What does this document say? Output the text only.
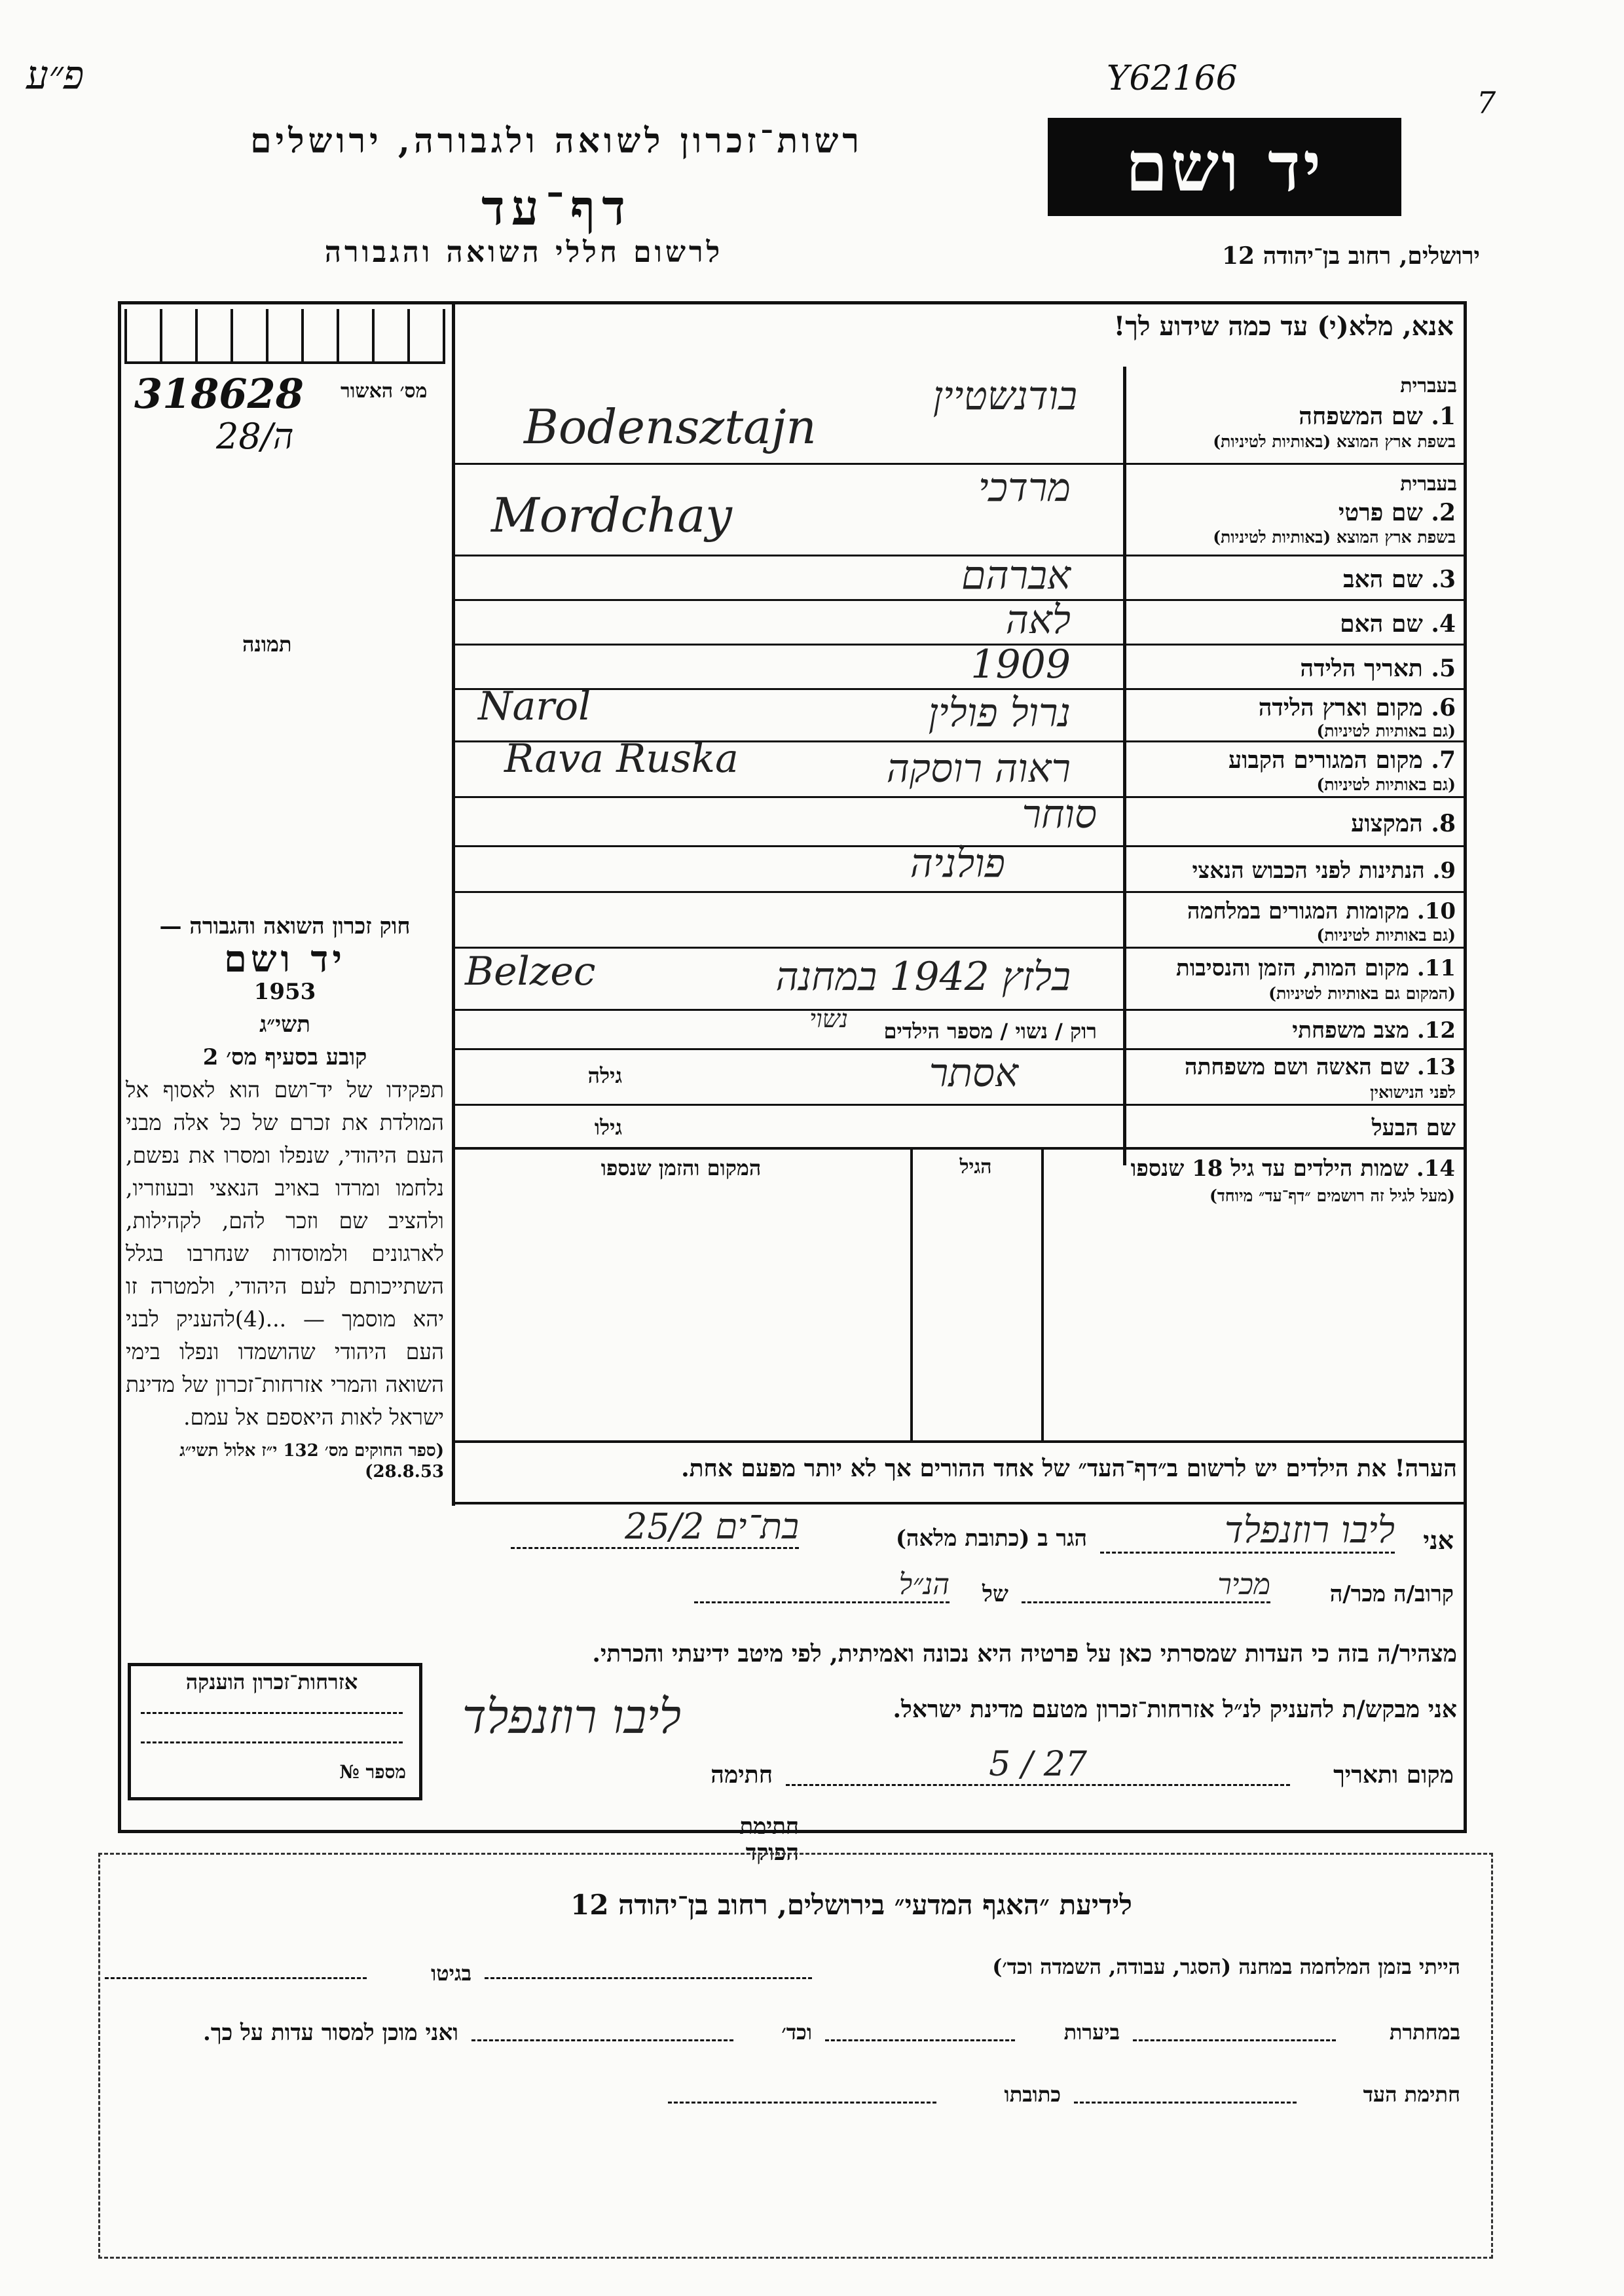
פ״ע	Y62166
7
רשות־זכרון לשואה ולגבורה, ירושלים
דף־עד
לרשום חללי השואה והגבורה
יד ושם
ירושלים, רחוב בן־יהודה 12
אנא, מלא(י) עד כמה שידוע לך!
מס׳ האשור
318628
28/ה
תמונה
חוק זכרון השואה והגבורה —
יד ושם
1953
תשי״ג
קובע בסעיף מס׳ 2
תפקידו של יד־ושם הוא לאסוף אל המולדת את זכרם של כל אלה מבני העם היהודי, שנפלו ומסרו את נפשם, נלחמו ומרדו באויב הנאצי ובעוזריו, ולהציב שם וזכר להם, לקהילות, לארגונים ולמוסדות שנחרבו בגלל השתייכותם לעם היהודי, ולמטרה זו יהא מוסמך — ...(4)להעניק לבני העם היהודי שהושמדו ונפלו בימי השואה והמרי אזרחות־זכרון של מדינת ישראל לאות היאספם אל עמם.
(ספר החוקים מס׳ 132 י״ז אלול תשי״ג 28.8.53)
בעברית
1. שם המשפחה
בשפת ארץ המוצא (באותיות לטיניות)
בודנשטיין
Bodensztajn
בעברית
2. שם פרטי
בשפת ארץ המוצא (באותיות לטיניות)
מרדכי
Mordchay
3. שם האב
אברהם
4. שם האם
לאה
5. תאריך הלידה
1909
6. מקום וארץ הלידה
(גם באותיות לטיניות)
נרול פולין
Narol
7. מקום המגורים הקבוע
(גם באותיות לטיניות)
ראוה רוסקה
Rava Ruska
8. המקצוע
סוחר
9. הנתינות לפני הכבוש הנאצי
פולניה
10. מקומות המגורים במלחמה
(גם באותיות לטיניות)
11. מקום המות, הזמן והנסיבות
(המקום גם באותיות לטיניות)
בלזץ 1942 במחנה
Belzec
12. מצב משפחתי
רוק / נשוי / מספר הילדים
נשוי
13. שם האשה ושם משפחתה
לפני הנישואין
אסתר
גילה
שם הבעל
גילו
14. שמות הילדים עד גיל 18 שנספו
(מעל לגיל זה רושמים ״דף־עד״ מיוחד)
הגיל
המקום והזמן שנספו
הערה! את הילדים יש לרשום ב״דף־העד״ של אחד ההורים אך לא יותר מפעם אחת.
אני
ליבו רוזנפלד
הגר ב (כתובת מלאה)
בת־ים 25/2
קרוב/ה מכר/ה
מכיר
של
הנ״ל
מצהיר/ה בזה כי העדות שמסרתי כאן על פרטיה היא נכונה ואמיתית, לפי מיטב ידיעתי והכרתי.
אני מבקש/ת להעניק לנ״ל אזרחות־זכרון מטעם מדינת ישראל.
מקום ותאריך
27 / 5
חתימה
ליבו רוזנפלד
חתימת הפוקד
אזרחות־זכרון הוענקה
מספר №
לידיעת ״האגף המדעי״ בירושלים, רחוב בן־יהודה 12
הייתי בזמן המלחמה במחנה (הסגר, עבודה, השמדה וכד׳)
בגיטו
במחתרת
ביערות
וכד׳
ואני מוכן למסור עדות על כך.
חתימת העד
כתובתו
